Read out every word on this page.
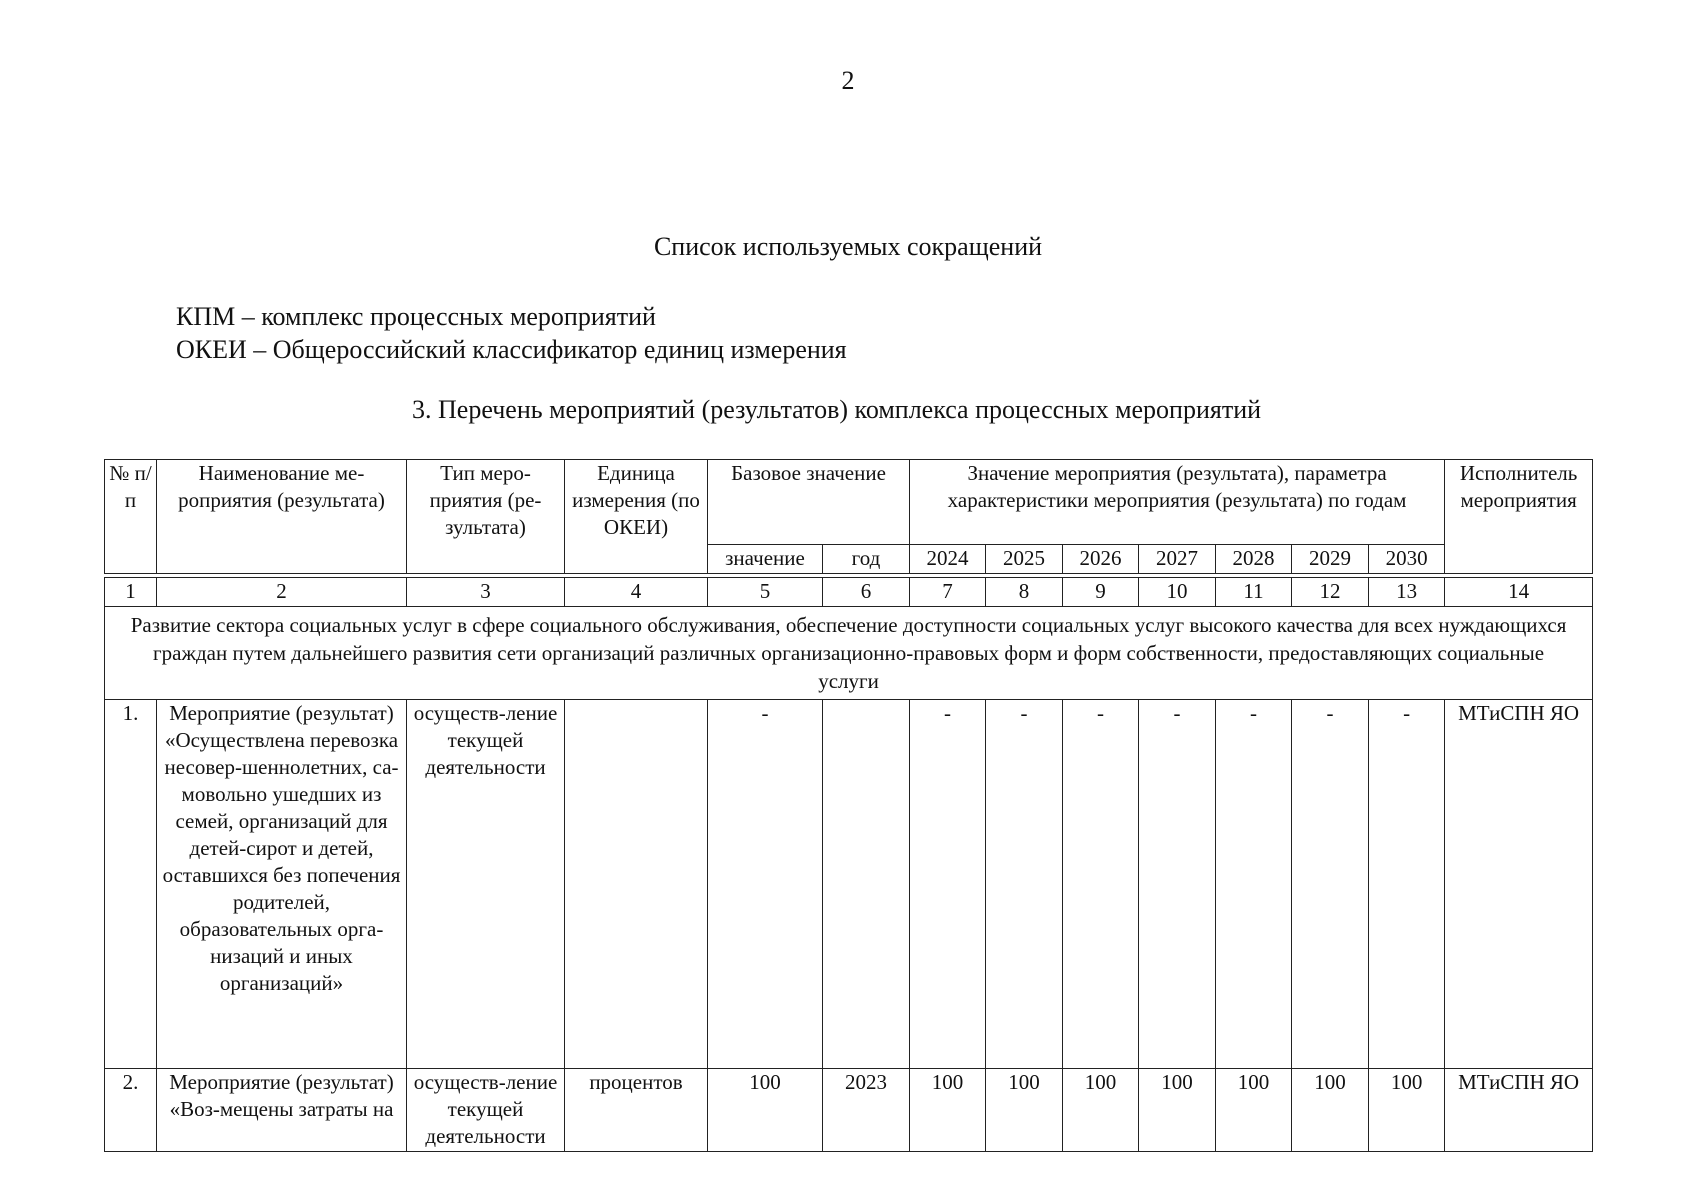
2
Список используемых сокращений
КПМ – комплекс процессных мероприятий
ОКЕИ – Общероссийский классификатор единиц измерения
3. Перечень мероприятий (результатов) комплекса процессных мероприятий
№ п/п	Наименование ме-роприятия (результата)	Тип меро-приятия (ре-зультата)	Единица измерения (по ОКЕИ)	Базовое значение		Значение мероприятия (результата), параметра характеристики мероприятия (результата) по годам							Исполнитель мероприятия
				значение	год	2024	2025	2026	2027	2028	2029	2030	

1	2	3	4	5	6	7	8	9	10	11	12	13	14
Развитие сектора социальных услуг в сфере социального обслуживания, обеспечение доступности социальных услуг высокого качества для всех нуждающихся граждан путем дальнейшего развития сети организаций различных организационно-правовых форм и форм собственности, предоставляющих социальные услуги													
1.	Мероприятие (результат) «Осуществлена перевозка несовер-шеннолетних, са-мовольно ушедших из семей, организаций для детей-сирот и детей, оставшихся без попечения родителей, образовательных орга-низаций и иных организаций»	осуществ-ление текущей деятельности		-		-	-	-	-	-	-	-	МТиСПН ЯО
2.	Мероприятие (результат) «Воз-мещены затраты на	осуществ-ление текущей деятельности	процентов	100	2023	100	100	100	100	100	100	100	МТиСПН ЯО
